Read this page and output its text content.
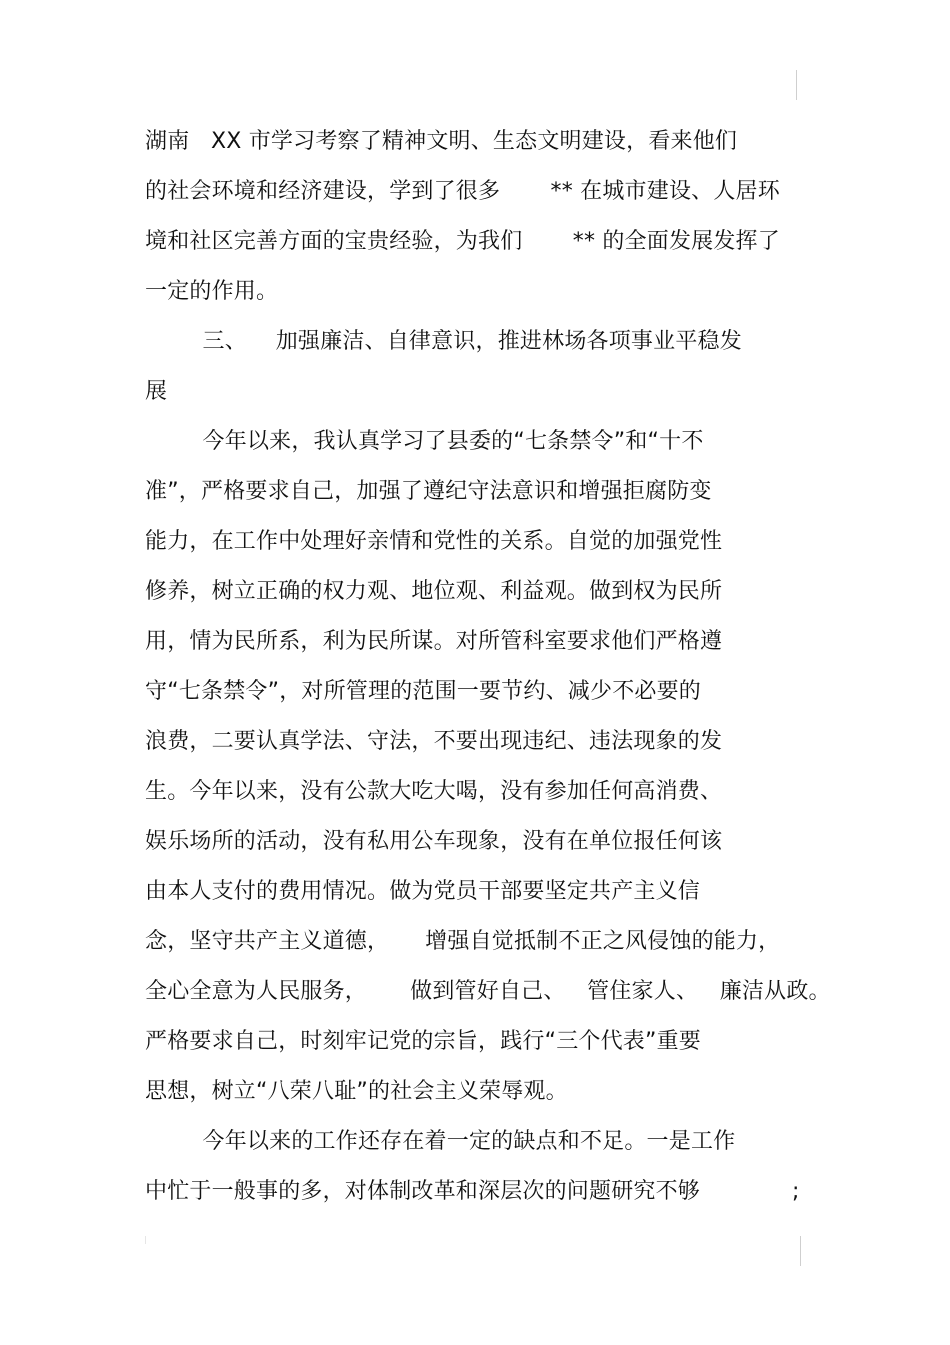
湖南   XX 市学习考察了精神文明、生态文明建设，看来他们
的社会环境和经济建设，学到了很多       ** 在城市建设、人居环
境和社区完善方面的宝贵经验，为我们       ** 的全面发展发挥了
一定的作用。
三、    加强廉洁、自律意识，推进林场各项事业平稳发
展
今年以来，我认真学习了县委的“七条禁令”和“十不
准”，严格要求自己，加强了遵纪守法意识和增强拒腐防变
能力，在工作中处理好亲情和党性的关系。自觉的加强党性
修养，树立正确的权力观、地位观、利益观。做到权为民所
用，情为民所系，利为民所谋。对所管科室要求他们严格遵
守“七条禁令”，对所管理的范围一要节约、减少不必要的
浪费，二要认真学法、守法，不要出现违纪、违法现象的发
生。今年以来，没有公款大吃大喝，没有参加任何高消费、
娱乐场所的活动，没有私用公车现象，没有在单位报任何该
由本人支付的费用情况。做为党员干部要坚定共产主义信
念，坚守共产主义道德，     增强自觉抵制不正之风侵蚀的能力，
全心全意为人民服务，      做到管好自己、   管住家人、   廉洁从政。
严格要求自己，时刻牢记党的宗旨，践行“三个代表”重要
思想，树立“八荣八耻”的社会主义荣辱观。
今年以来的工作还存在着一定的缺点和不足。一是工作
中忙于一般事的多，对体制改革和深层次的问题研究不够	;
